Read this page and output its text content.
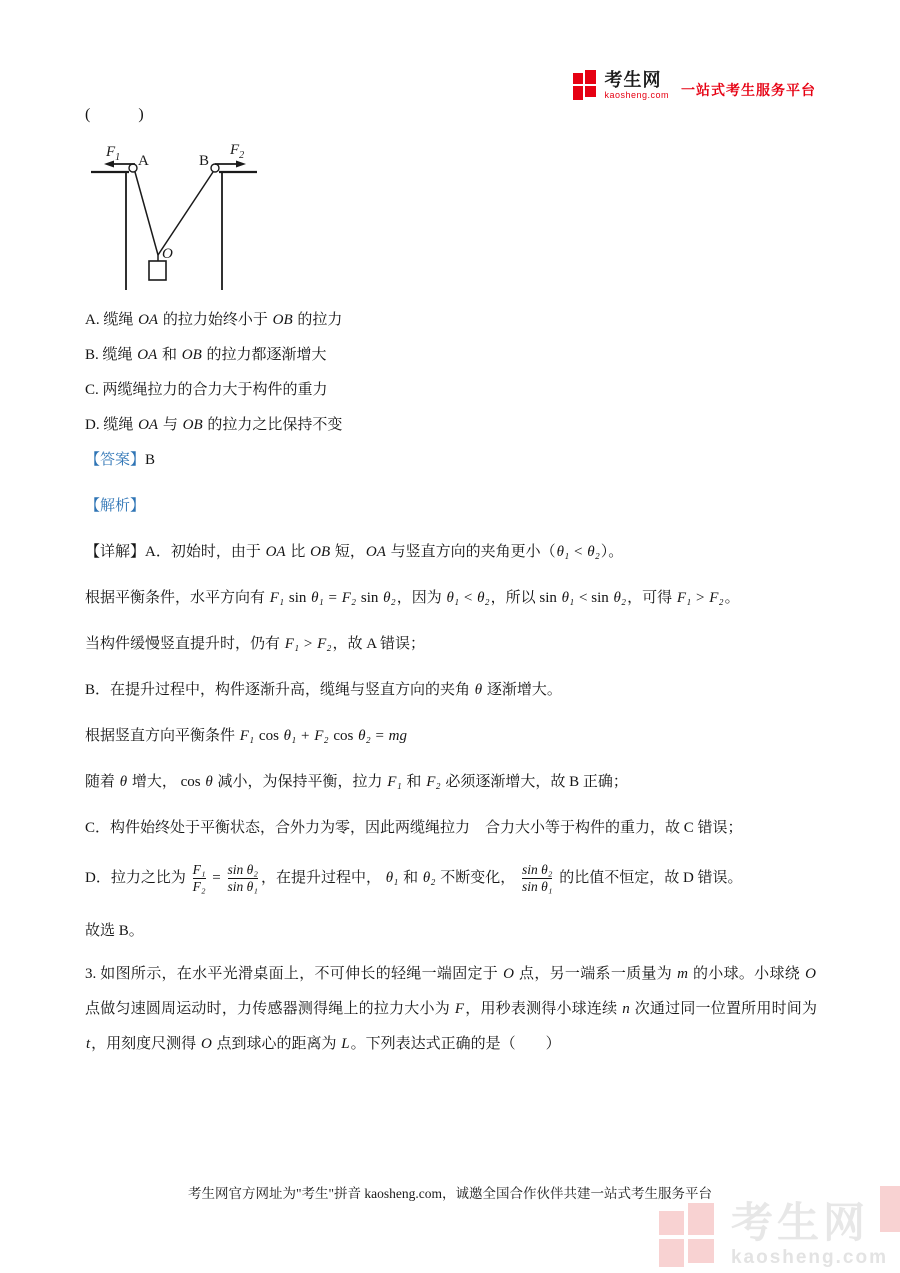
考生网
kaosheng.com 一站式考生服务平台
(   )
$F_1$	$F_2$
A	B
O

A. 缆绳 OA 的拉力始终小于 OB 的拉力

B. 缆绳 OA 和 OB 的拉力都逐渐增大

C. 两缆绳拉力的合力大于构件的重力

D. 缆绳 OA 与 OB 的拉力之比保持不变

【答案】B

【解析】

【详解】A．初始时，由于 OA 比 OB 短，OA 与竖直方向的夹角更小（θ₁ < θ₂）。

根据平衡条件，水平方向有 F₁ sin θ₁ = F₂ sin θ₂，因为 θ₁ < θ₂，所以 sin θ₁ < sin θ₂，可得 F₁ > F₂。

当构件缓慢竖直提升时，仍有 F₁ > F₂，故 A 错误；

B．在提升过程中，构件逐渐升高，缆绳与竖直方向的夹角 θ 逐渐增大。

根据竖直方向平衡条件 F₁ cos θ₁ + F₂ cos θ₂ = mg

随着 θ 增大， cos θ 减小，为保持平衡，拉力 F₁ 和 F₂ 必须逐渐增大，故 B 正确；

C．构件始终处于平衡状态，合外力为零，因此两缆绳拉力　合力大小等于构件的重力，故 C 错误；

D．拉力之比为 $\frac{\text{F₁}}{\text{F₂}} = \frac{\text{sin θ₂}}{\text{sin θ₁}}$ ，在提升过程中， θ₁ 和 θ₂ 不断变化， $\frac{\text{sin θ₂}}{\text{sin θ₁}}$ 的比值不恒定，故 D 错误。

故选 B。

3. 如图所示，在水平光滑桌面上，不可伸长的轻绳一端固定于 O 点，另一端系一质量为 m 的小球。小球绕 O 点做匀速圆周运动时，力传感器测得绳上的拉力大小为 F，用秒表测得小球连续 n 次通过同一位置所用时间为 t，用刻度尺测得 O 点到球心的距离为 L。下列表达式正确的是（　　）

考生网官方网址为"考生"拼音 kaosheng.com，诚邀全国合作伙伴共建一站式考生服务平台
考生网
kaosheng.com
